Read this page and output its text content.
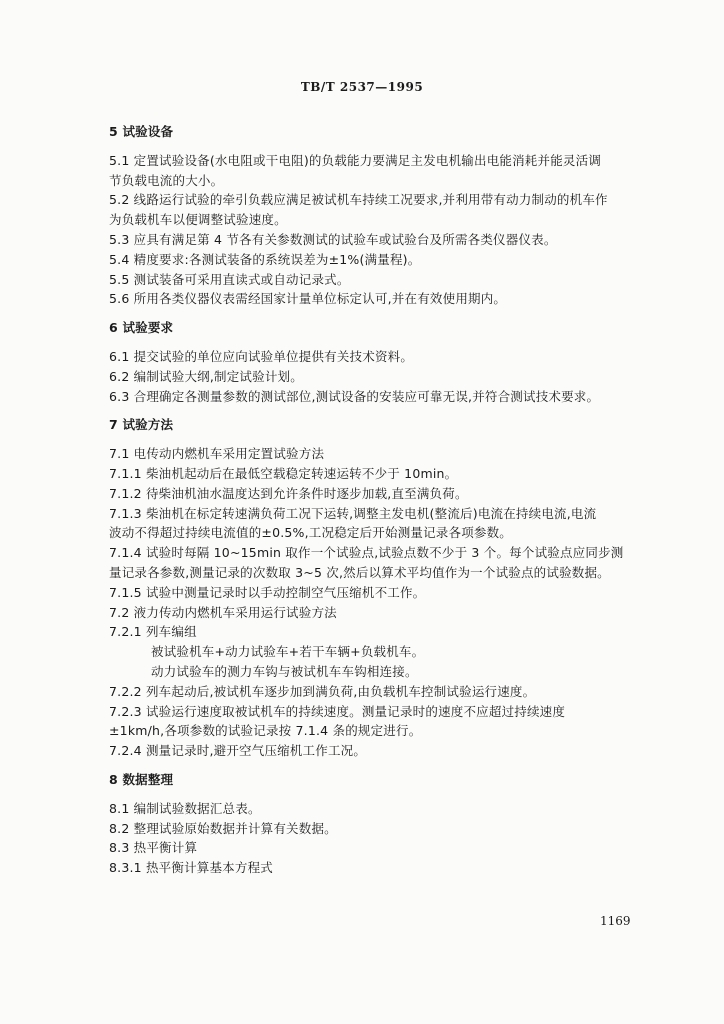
TB/T 2537—1995
5 试验设备
5.1 定置试验设备(水电阻或干电阻)的负载能力要满足主发电机输出电能消耗并能灵活调
节负载电流的大小。
5.2 线路运行试验的牵引负载应满足被试机车持续工况要求,并利用带有动力制动的机车作
为负载机车以便调整试验速度。
5.3 应具有满足第 4 节各有关参数测试的试验车或试验台及所需各类仪器仪表。
5.4 精度要求:各测试装备的系统误差为±1%(满量程)。
5.5 测试装备可采用直读式或自动记录式。
5.6 所用各类仪器仪表需经国家计量单位标定认可,并在有效使用期内。
6 试验要求
6.1 提交试验的单位应向试验单位提供有关技术资料。
6.2 编制试验大纲,制定试验计划。
6.3 合理确定各测量参数的测试部位,测试设备的安装应可靠无误,并符合测试技术要求。
7 试验方法
7.1 电传动内燃机车采用定置试验方法
7.1.1 柴油机起动后在最低空载稳定转速运转不少于 10min。
7.1.2 待柴油机油水温度达到允许条件时逐步加载,直至满负荷。
7.1.3 柴油机在标定转速满负荷工况下运转,调整主发电机(整流后)电流在持续电流,电流
波动不得超过持续电流值的±0.5%,工况稳定后开始测量记录各项参数。
7.1.4 试验时每隔 10~15min 取作一个试验点,试验点数不少于 3 个。每个试验点应同步测
量记录各参数,测量记录的次数取 3~5 次,然后以算术平均值作为一个试验点的试验数据。
7.1.5 试验中测量记录时以手动控制空气压缩机不工作。
7.2 液力传动内燃机车采用运行试验方法
7.2.1 列车编组
被试验机车+动力试验车+若干车辆+负载机车。
动力试验车的测力车钩与被试机车车钩相连接。
7.2.2 列车起动后,被试机车逐步加到满负荷,由负载机车控制试验运行速度。
7.2.3 试验运行速度取被试机车的持续速度。测量记录时的速度不应超过持续速度
±1km/h,各项参数的试验记录按 7.1.4 条的规定进行。
7.2.4 测量记录时,避开空气压缩机工作工况。
8 数据整理
8.1 编制试验数据汇总表。
8.2 整理试验原始数据并计算有关数据。
8.3 热平衡计算
8.3.1 热平衡计算基本方程式
1169
